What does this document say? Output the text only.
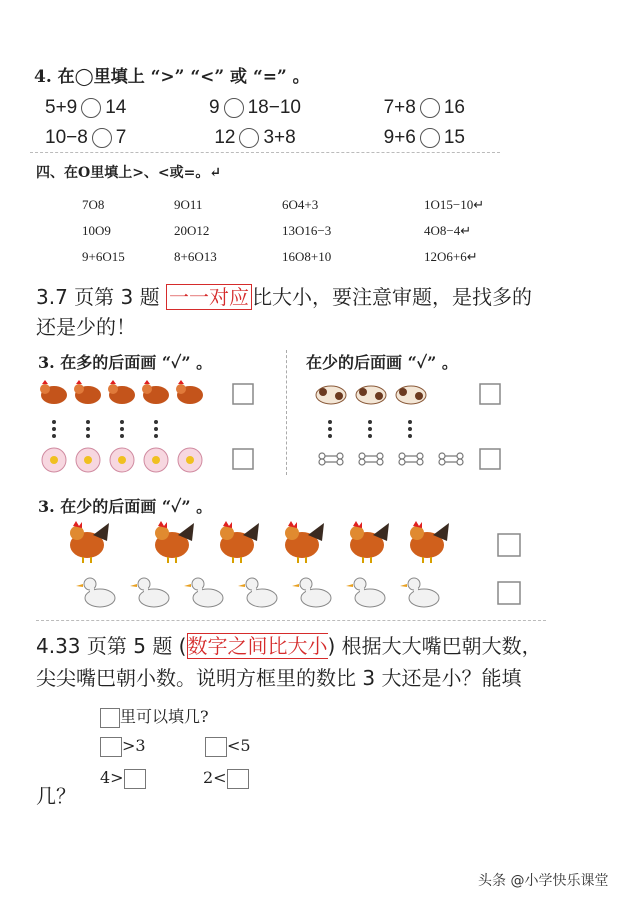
4. 在◯里填上 “>” “<” 或 “=” 。
5+9 14	9 18−10	7+8 16
10−8 7	12 3+8	9+6 15
四、在O里填上>、<或=。↵
7O8	9O11	6O4+3	1O15−10↵
10O9	20O12	13O16−3	4O8−4↵
9+6O15	8+6O13	16O8+10	12O6+6↵
3.7 页第 3 题 一一对应 比大小，要注意审题，是找多的
还是少的！
3. 在多的后面画 “✓” 。	在少的后面画 “✓” 。
3. 在少的后面画 “✓” 。
4.33 页第 5 题 (数字之间比大小) 根据大大嘴巴朝大数，
尖尖嘴巴朝小数。说明方框里的数比 3 大还是小？能填
里可以填几?
>3	<5
4>	2<
几？
头条 @小学快乐课堂
